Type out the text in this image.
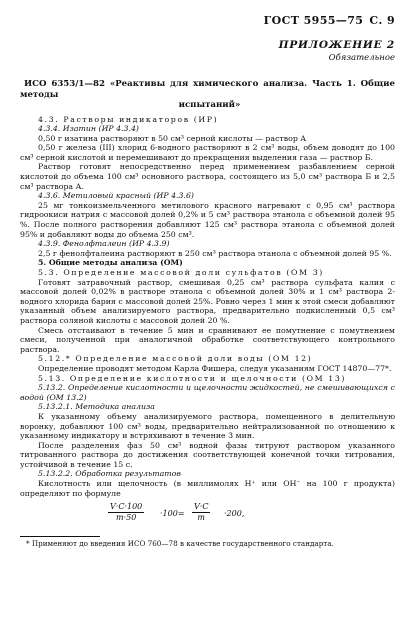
ГОСТ 5955—75 С. 9
ПРИЛОЖЕНИЕ 2
Обязательное
ИСО 6353/1—82 «Реактивы для химического анализа. Часть 1. Общие методы
испытаний»

4.3. Растворы индикаторов (ИР)

4.3.4. Изатин (ИР 4.3.4)

0,50 г изатина растворяют в 50 см³ серной кислоты — раствор А

0,50 г железа (III) хлорид 6-водного растворяют в 2 см³ воды, объем доводят до 100 см³ серной кислотой и перемешивают до прекращения выделения газа — раствор Б.

Раствор готовят непосредственно перед применением разбавлением серной кислотой до объема 100 см³ основного раствора, состоящего из 5,0 см³ раствора Б и 2,5 см³ раствора А.

4.3.6. Метиловый красный (ИР 4.3.6)

25 мг тонкоизмельченного метилового красного нагревают с 0,95 см³ раствора гидроокиси натрия с массовой долей 0,2% и 5 см³ раствора этанола с объемной долей 95 %. После полного растворения добавляют 125 см³ раствора этанола с объемной долей 95% и добавляют воды до объема 250 см³.

4.3.9. Фенолфталеин (ИР 4.3.9)

2,5 г фенолфталеина растворяют в 250 см³ раствора этанола с объемной долей 95 %.

5. Общие методы анализа (ОМ)

5.3. Определение массовой доли сульфатов (ОМ 3)

Готовят затравочный раствор, смешивая 0,25 см³ раствора сульфата калия с массовой долей 0,02% в растворе этанола с объемной долей 30% и 1 см³ раствора 2-водного хлорида бария с массовой долей 25%. Ровно через 1 мин к этой смеси добавляют указанный объем анализируемого раствора, предварительно подкисленный 0,5 см³ раствора соляной кислоты с массовой долей 20 %.

Смесь отстаивают в течение 5 мин и сравнивают ее помутнение с помутнением смеси, полученной при аналогичной обработке соответствующего контрольного раствора.

5.12.* Определение массовой доли воды (ОМ 12)

Определение проводят методом Карла Фишера, следуя указаниям ГОСТ 14870—77*.

5.13. Определение кислотности и щелочности (ОМ 13)

5.13.2. Определение кислотности и щелочности жидкостей, не смешивающихся с водой (ОМ 13.2)

5.13.2.1. Методика анализа

К указанному объему анализируемого раствора, помещенного в делительную воронку, добавляют 100 см³ воды, предварительно нейтрализованной по отношению к указанному индикатору и встряхивают в течение 3 мин.

После разделения фаз 50 см³ водной фазы титруют раствором указанного титрованного раствора до достижения соответствующей конечной точки титрования, устойчивой в течение 15 с.

5.13.2.2. Обработка результатов

Кислотность или щелочность (в миллимолях H⁺ или OH⁻ на 100 г продукта) определяют по формуле

$\frac{V\cdot C\cdot 100}{m\cdot 50} \cdot 100= \frac{V\cdot C}{m} \cdot 200$,
* Применяют до введения ИСО 760—78 в качестве государственного стандарта.
